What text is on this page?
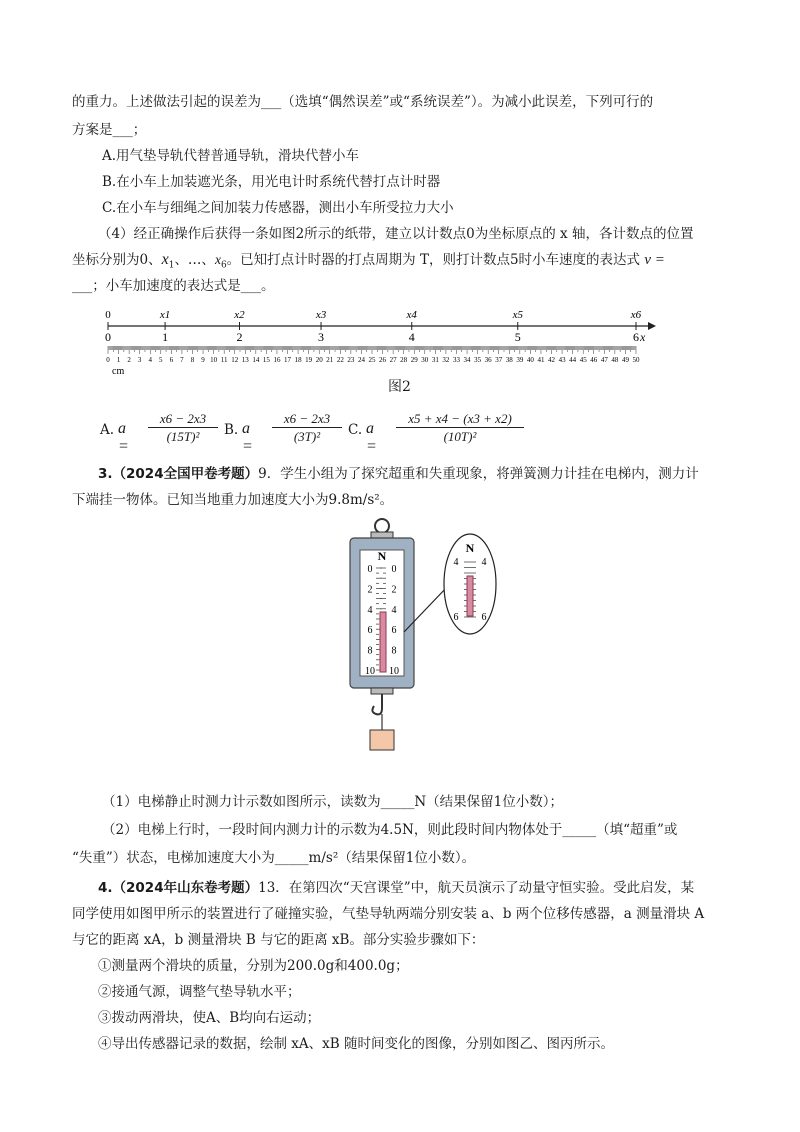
的重力。上述做法引起的误差为___（选填“偶然误差”或“系统误差”）。为减小此误差，下列可行的
方案是___；
A.用气垫导轨代替普通导轨，滑块代替小车
B.在小车上加装遮光条，用光电计时系统代替打点计时器
C.在小车与细绳之间加装力传感器，测出小车所受拉力大小
（4）经正确操作后获得一条如图2所示的纸带，建立以计数点0为坐标原点的 x 轴，各计数点的位置
坐标分别为0、$x_1$、…、$x_6$。已知打点计时器的打点周期为 T，则打计数点5时小车速度的表达式 v =
___；小车加速度的表达式是___。
0
0
x1
1
x2
2
x3
3
x4
4
x5
5
x6
6 x
0 1 2 3 4 5 6 7 8 9 10 11 12 13 14 15 16 17 18 19 20 21 22 23 24 25 26 27 28 29 30 31 32 33 34 35 36 37 38 39 40 41 42 43 44 45 46 47 48 49 50
cm
图2
A. a =
x6 − 2x3
(15T)²	B. a =
x6 − 2x3
(3T)²	C. a =
x5 + x4 − (x3 + x2)
(10T)²
3.（2024全国甲卷考题）9．学生小组为了探究超重和失重现象，将弹簧测力计挂在电梯内，测力计
下端挂一物体。已知当地重力加速度大小为9.8m/s²。
N
0 0
2 2
4 4
6 6
8 8
10 10
N
4 4
6 6
（1）电梯静止时测力计示数如图所示，读数为_____N（结果保留1位小数）；
（2）电梯上行时，一段时间内测力计的示数为4.5N，则此段时间内物体处于_____（填“超重”或
“失重”）状态，电梯加速度大小为_____m/s²（结果保留1位小数）。
4.（2024年山东卷考题）13．在第四次“天宫课堂”中，航天员演示了动量守恒实验。受此启发，某
同学使用如图甲所示的装置进行了碰撞实验，气垫导轨两端分别安装 a、b 两个位移传感器，a 测量滑块 A
与它的距离 xA，b 测量滑块 B 与它的距离 xB。部分实验步骤如下：
①测量两个滑块的质量，分别为200.0g和400.0g；
②接通气源，调整气垫导轨水平；
③拨动两滑块，使A、B均向右运动；
④导出传感器记录的数据，绘制 xA、xB 随时间变化的图像，分别如图乙、图丙所示。
